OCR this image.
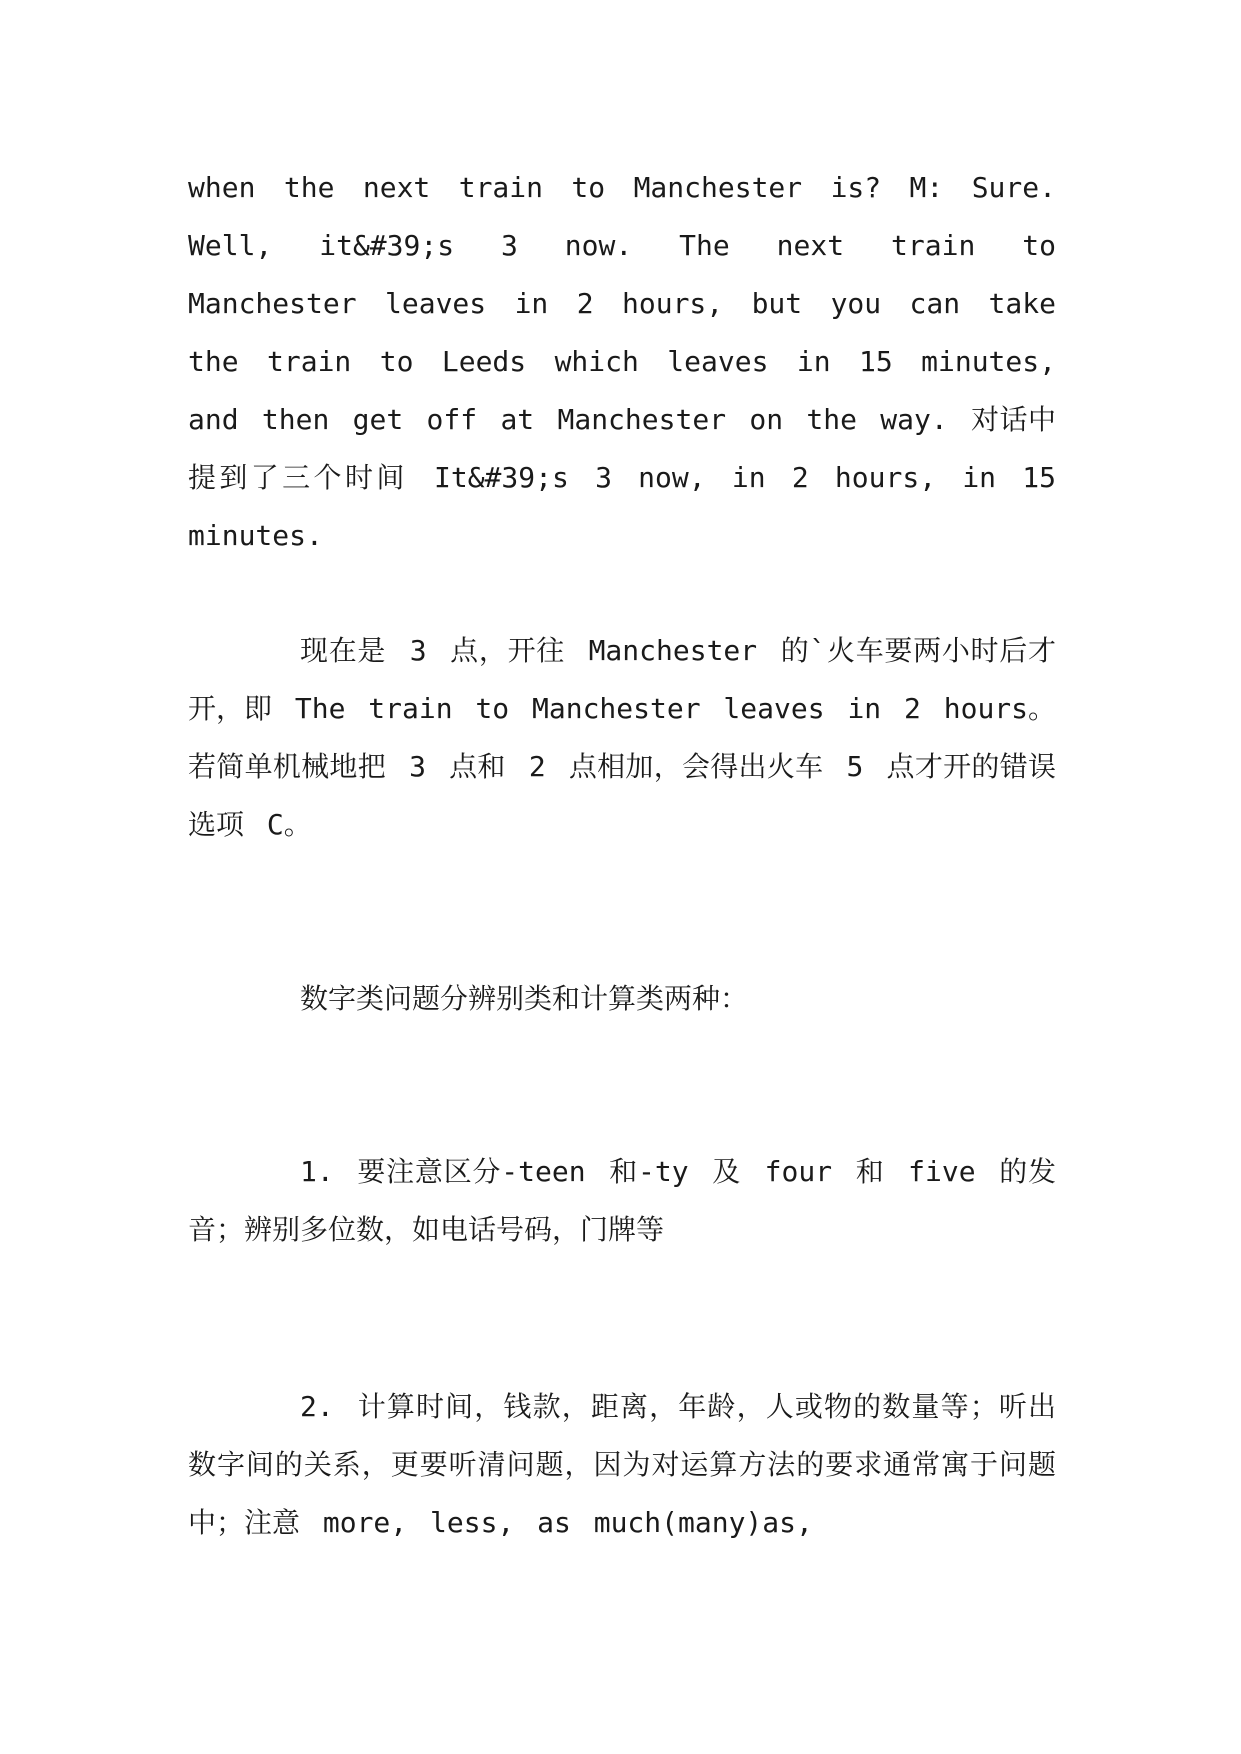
when the next train to Manchester is? M: Sure. Well, it&#39;s 3 now. The next train to Manchester leaves in 2 hours, but you can take the train to Leeds which leaves in 15 minutes, and then get off at Manchester on the way. 对话中提到了三个时间 It&#39;s 3 now, in 2 hours, in 15 minutes.

现在是 3 点，开往 Manchester 的`火车要两小时后才开，即 The train to Manchester leaves in 2 hours。若简单机械地把 3 点和 2 点相加，会得出火车 5 点才开的错误选项 C。

数字类问题分辨别类和计算类两种：

1. 要注意区分-teen 和-ty 及 four 和 five 的发音；辨别多位数，如电话号码，门牌等

2. 计算时间，钱款，距离，年龄，人或物的数量等；听出数字间的关系，更要听清问题，因为对运算方法的要求通常寓于问题中；注意 more, less, as much(many)as,
